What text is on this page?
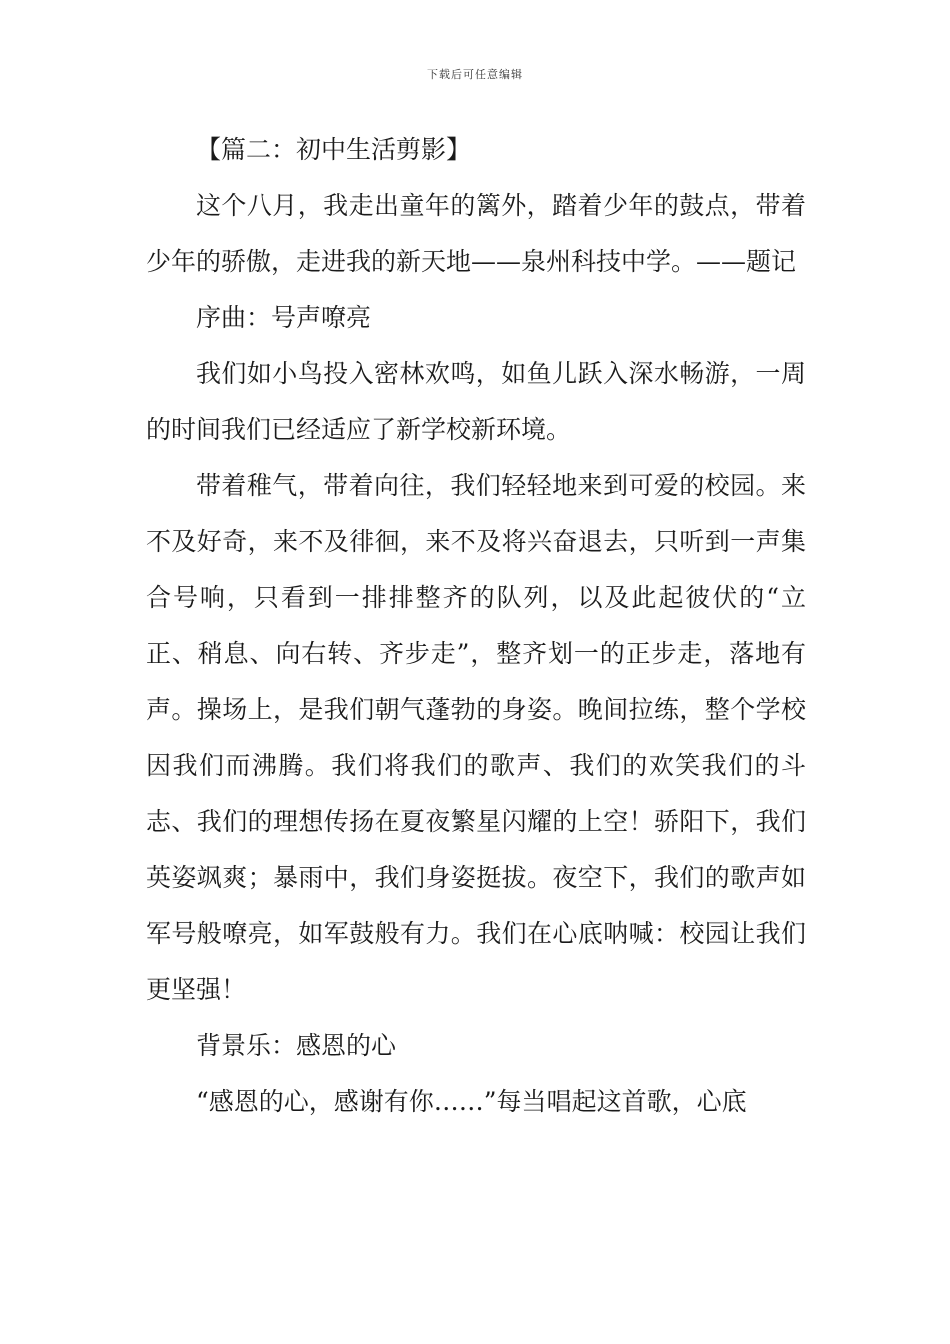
下载后可任意编辑

【篇二：初中生活剪影】

这个八月，我走出童年的篱外，踏着少年的鼓点，带着少年的骄傲，走进我的新天地——泉州科技中学。——题记

序曲：号声嘹亮

我们如小鸟投入密林欢鸣，如鱼儿跃入深水畅游，一周的时间我们已经适应了新学校新环境。

带着稚气，带着向往，我们轻轻地来到可爱的校园。来不及好奇，来不及徘徊，来不及将兴奋退去，只听到一声集合号响，只看到一排排整齐的队列，以及此起彼伏的“立正、稍息、向右转、齐步走”，整齐划一的正步走，落地有声。操场上，是我们朝气蓬勃的身姿。晚间拉练，整个学校因我们而沸腾。我们将我们的歌声、我们的欢笑我们的斗志、我们的理想传扬在夏夜繁星闪耀的上空！骄阳下，我们英姿飒爽；暴雨中，我们身姿挺拔。夜空下，我们的歌声如军号般嘹亮，如军鼓般有力。我们在心底呐喊：校园让我们更坚强！

背景乐：感恩的心

“感恩的心，感谢有你……”每当唱起这首歌，心底
